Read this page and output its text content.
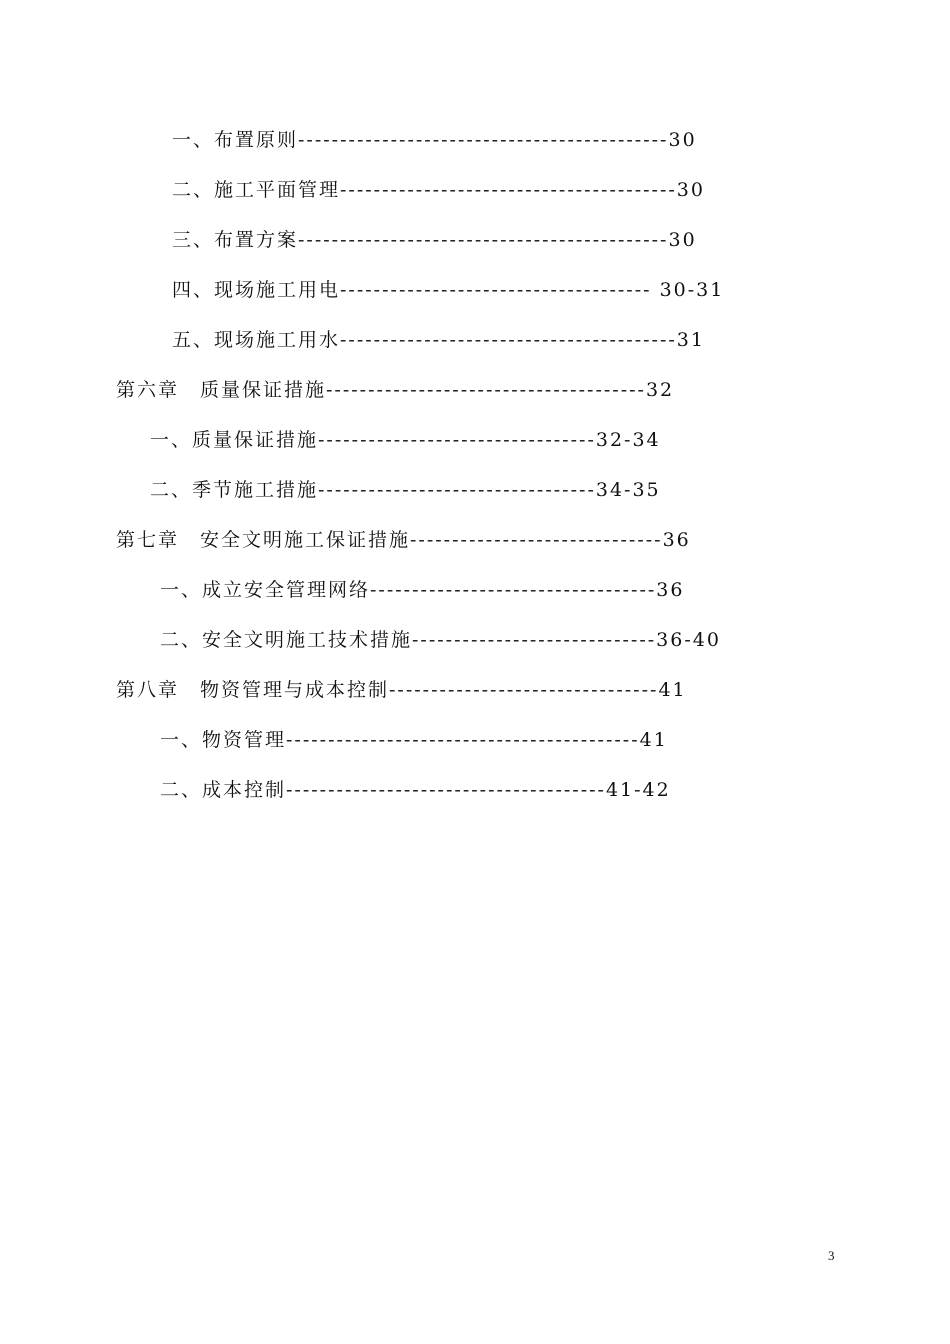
一、布置原则--------------------------------------------30
二、施工平面管理----------------------------------------30
三、布置方案--------------------------------------------30
四、现场施工用电------------------------------------- 30-31
五、现场施工用水----------------------------------------31
第六章　质量保证措施--------------------------------------32
一、质量保证措施---------------------------------32-34
二、季节施工措施---------------------------------34-35
第七章　安全文明施工保证措施------------------------------36
一、成立安全管理网络----------------------------------36
二、安全文明施工技术措施-----------------------------36-40
第八章　物资管理与成本控制--------------------------------41
一、物资管理------------------------------------------41
二、成本控制--------------------------------------41-42
3
